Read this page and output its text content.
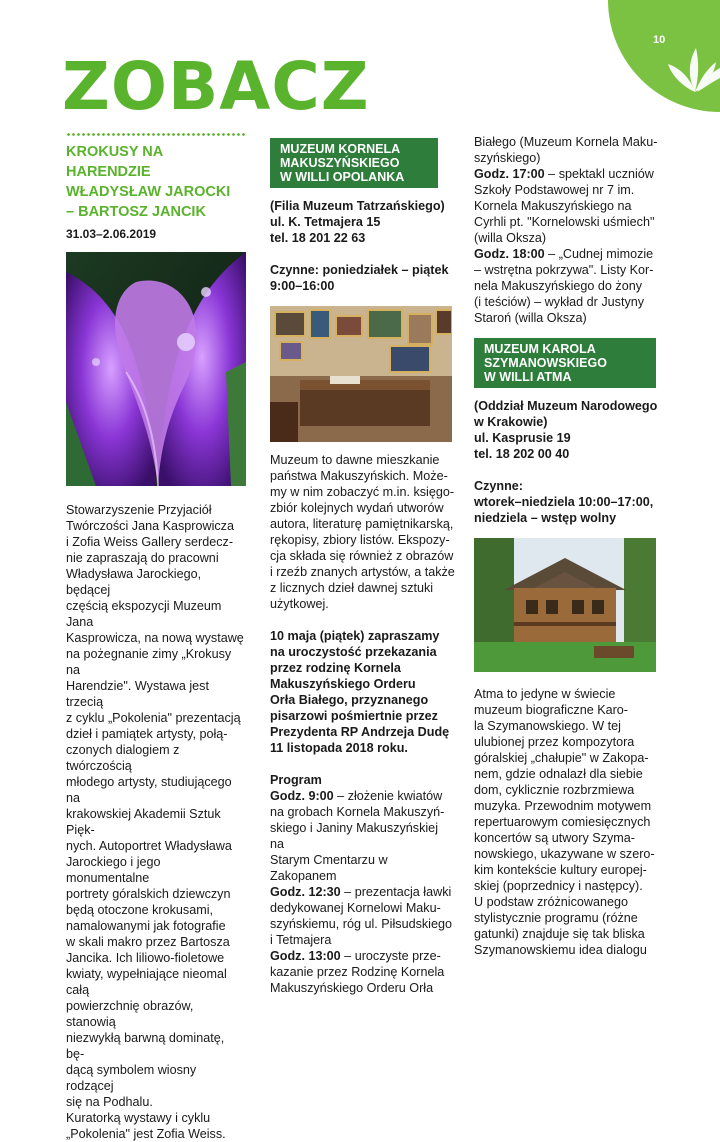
10
ZOBACZ
KROKUSY NA
HARENDZIE
WŁADYSŁAW JAROCKI
– BARTOSZ JANCIK
31.03–2.06.2019
Stowarzyszenie Przyjaciół
Twórczości Jana Kasprowicza
i Zofia Weiss Gallery serdecz-
nie zapraszają do pracowni
Władysława Jarockiego, będącej
częścią ekspozycji Muzeum Jana
Kasprowicza, na nową wystawę
na pożegnanie zimy „Krokusy na
Harendzie". Wystawa jest trzecią
z cyklu „Pokolenia" prezentacją
dzieł i pamiątek artysty, połą-
czonych dialogiem z twórczością
młodego artysty, studiującego na
krakowskiej Akademii Sztuk Pięk-
nych. Autoportret Władysława
Jarockiego i jego monumentalne
portrety góralskich dziewczyn
będą otoczone krokusami,
namalowanymi jak fotografie
w skali makro przez Bartosza
Jancika. Ich liliowo-fioletowe
kwiaty, wypełniające nieomal całą
powierzchnię obrazów, stanowią
niezwykłą barwną dominatę, bę-
dącą symbolem wiosny rodzącej
się na Podhalu.
Kuratorką wystawy i cyklu
„Pokolenia" jest Zofia Weiss.
MUZEUM KORNELA
MAKUSZYŃSKIEGO
W WILLI OPOLANKA
(Filia Muzeum Tatrzańskiego)
ul. K. Tetmajera 15
tel. 18 201 22 63
Czynne: poniedziałek – piątek
9:00–16:00
Muzeum to dawne mieszkanie
państwa Makuszyńskich. Może-
my w nim zobaczyć m.in. księgo-
zbiór kolejnych wydań utworów
autora, literaturę pamiętnikarską,
rękopisy, zbiory listów. Ekspozy-
cja składa się również z obrazów
i rzeźb znanych artystów, a także
z licznych dzieł dawnej sztuki
użytkowej.
10 maja (piątek) zapraszamy
na uroczystość przekazania
przez rodzinę Kornela
Makuszyńskiego Orderu
Orła Białego, przyznanego
pisarzowi pośmiertnie przez
Prezydenta RP Andrzeja Dudę
11 listopada 2018 roku.
Program
Godz. 9:00 – złożenie kwiatów
na grobach Kornela Makuszyń-
skiego i Janiny Makuszyńskiej na
Starym Cmentarzu w Zakopanem
Godz. 12:30 – prezentacja ławki
dedykowanej Kornelowi Maku-
szyńskiemu, róg ul. Piłsudskiego
i Tetmajera
Godz. 13:00 – uroczyste prze-
kazanie przez Rodzinę Kornela
Makuszyńskiego Orderu Orła
Białego (Muzeum Kornela Maku-
szyńskiego)
Godz. 17:00 – spektakl uczniów
Szkoły Podstawowej nr 7 im.
Kornela Makuszyńskiego na
Cyrhli pt. "Kornelowski uśmiech"
(willa Oksza)
Godz. 18:00 – „Cudnej mimozie
– wstrętna pokrzywa". Listy Kor-
nela Makuszyńskiego do żony
(i teściów) – wykład dr Justyny
Staroń (willa Oksza)
MUZEUM KAROLA
SZYMANOWSKIEGO
W WILLI ATMA
(Oddział Muzeum Narodowego
w Krakowie)
ul. Kasprusie 19
tel. 18 202 00 40
Czynne:
wtorek–niedziela 10:00–17:00,
niedziela – wstęp wolny
Atma to jedyne w świecie
muzeum biograficzne Karo-
la Szymanowskiego. W tej
ulubionej przez kompozytora
góralskiej „chałupie" w Zakopa-
nem, gdzie odnalazł dla siebie
dom, cyklicznie rozbrzmiewa
muzyka. Przewodnim motywem
repertuarowym comiesięcznych
koncertów są utwory Szyma-
nowskiego, ukazywane w szero-
kim kontekście kultury europej-
skiej (poprzednicy i następcy).
U podstaw zróżnicowanego
stylistycznie programu (różne
gatunki) znajduje się tak bliska
Szymanowskiemu idea dialogu
